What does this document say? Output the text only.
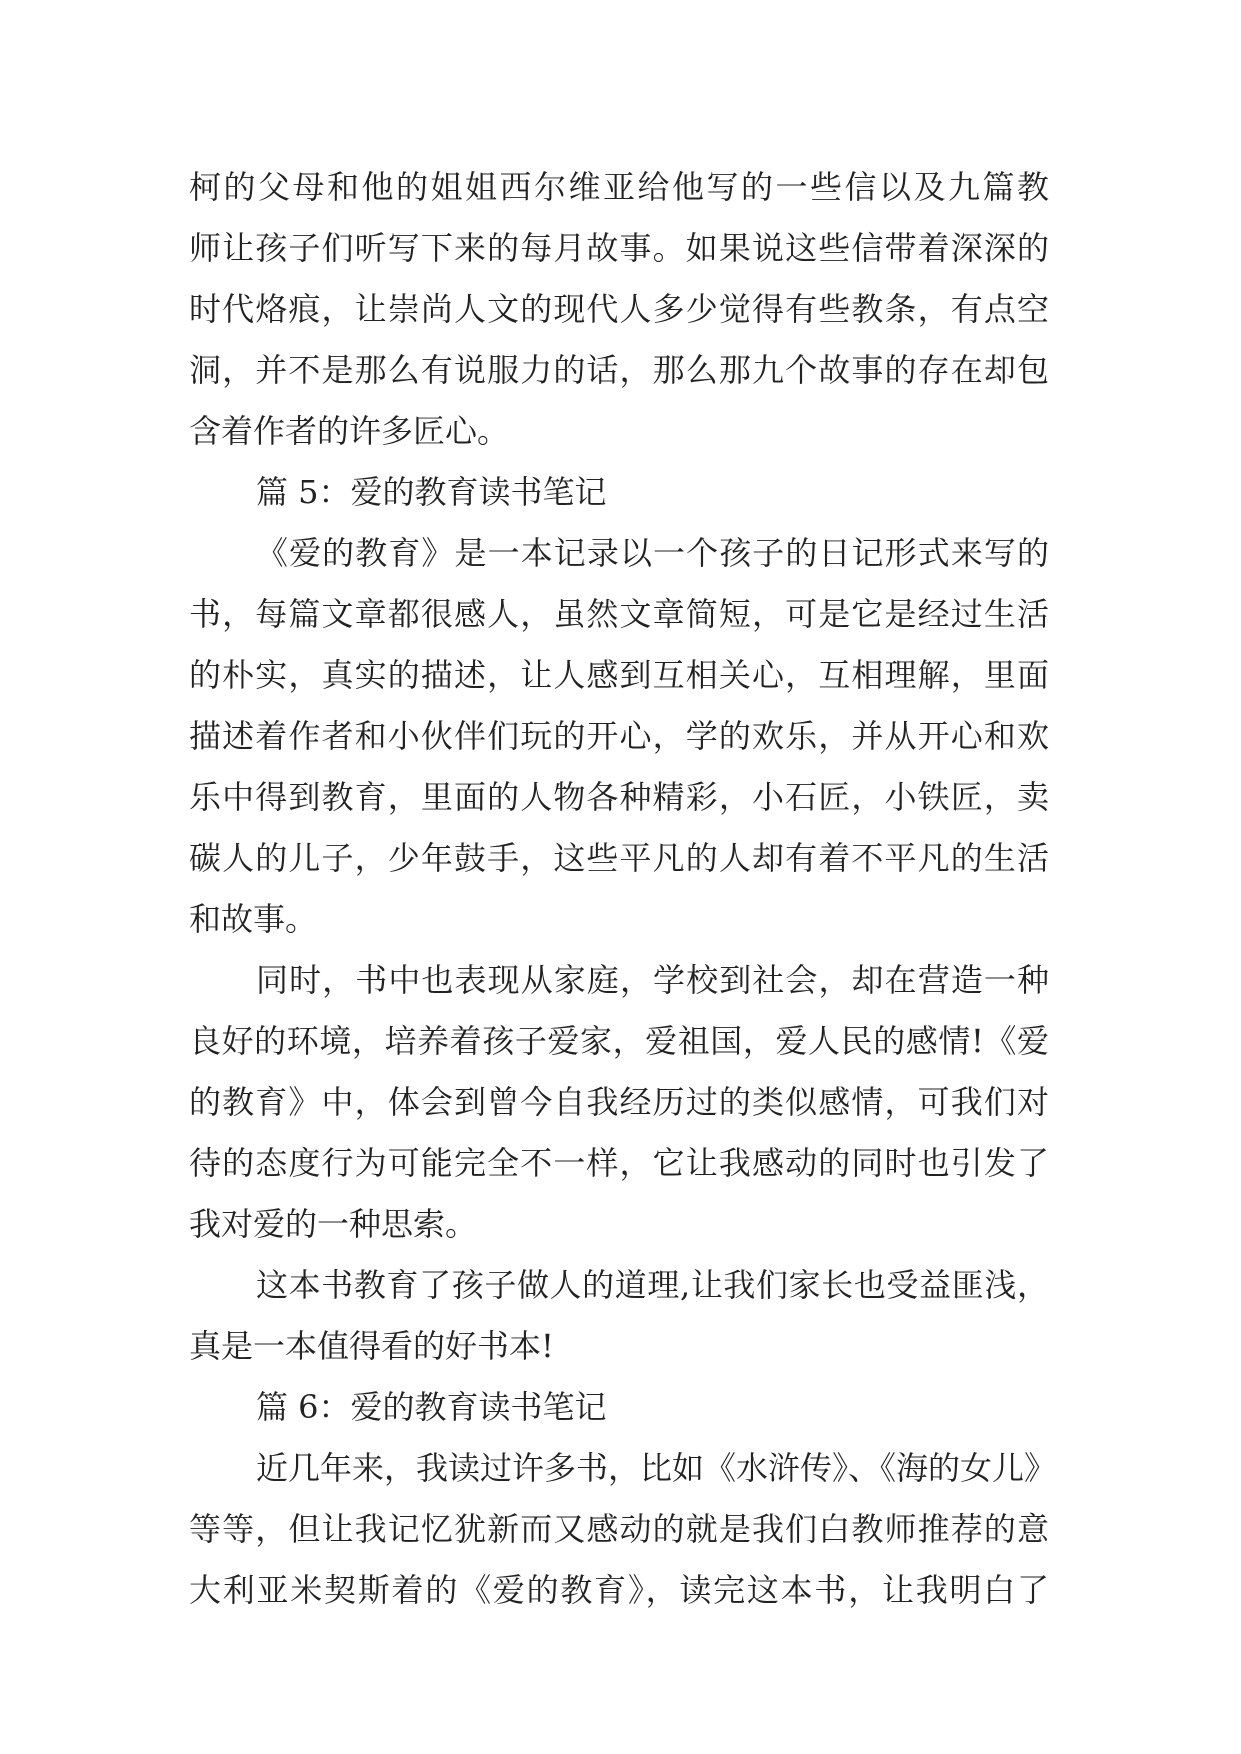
柯的父母和他的姐姐西尔维亚给他写的一些信以及九篇教
师让孩子们听写下来的每月故事。如果说这些信带着深深的
时代烙痕，让崇尚人文的现代人多少觉得有些教条，有点空
洞，并不是那么有说服力的话，那么那九个故事的存在却包
含着作者的许多匠心。
篇 5：爱的教育读书笔记
《爱的教育》是一本记录以一个孩子的日记形式来写的
书，每篇文章都很感人，虽然文章简短，可是它是经过生活
的朴实，真实的描述，让人感到互相关心，互相理解，里面
描述着作者和小伙伴们玩的开心，学的欢乐，并从开心和欢
乐中得到教育，里面的人物各种精彩，小石匠，小铁匠，卖
碳人的儿子，少年鼓手，这些平凡的人却有着不平凡的生活
和故事。
同时，书中也表现从家庭，学校到社会，却在营造一种
良好的环境，培养着孩子爱家，爱祖国，爱人民的感情!《爱
的教育》中，体会到曾今自我经历过的类似感情，可我们对
待的态度行为可能完全不一样，它让我感动的同时也引发了
我对爱的一种思索。
这本书教育了孩子做人的道理,让我们家长也受益匪浅，
真是一本值得看的好书本!
篇 6：爱的教育读书笔记
近几年来，我读过许多书，比如《水浒传》、《海的女儿》
等等，但让我记忆犹新而又感动的就是我们白教师推荐的意
大利亚米契斯着的《爱的教育》，读完这本书，让我明白了
